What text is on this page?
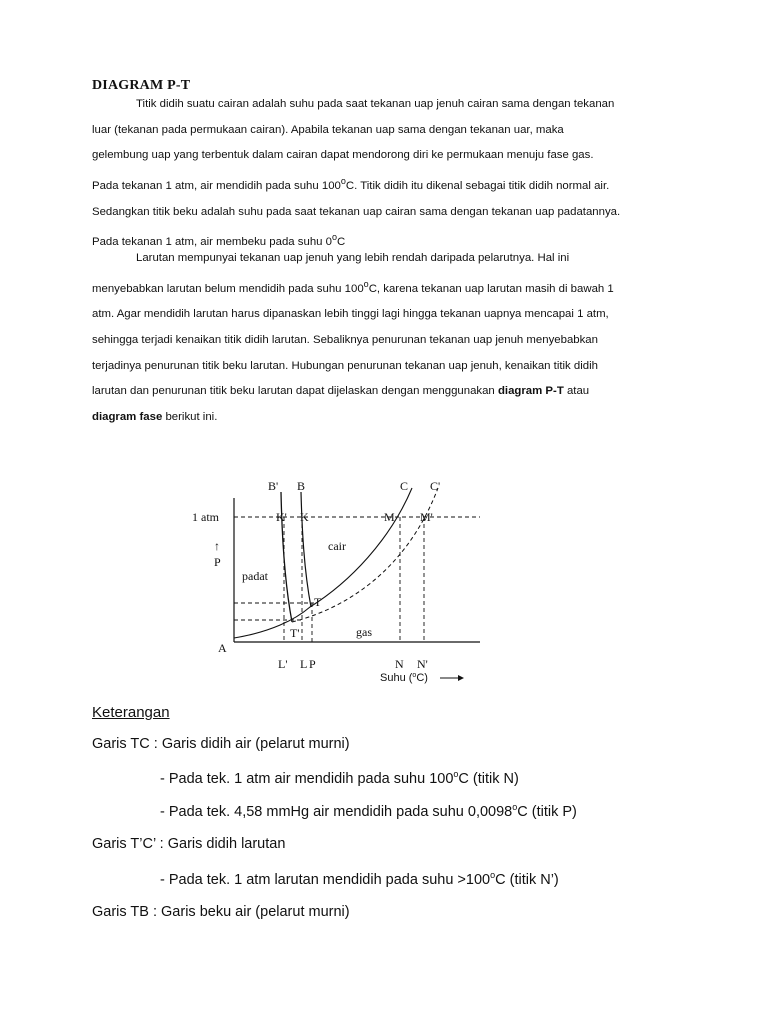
DIAGRAM P-T
Titik didih suatu cairan adalah suhu pada saat tekanan uap jenuh cairan sama dengan tekanan
luar (tekanan pada permukaan cairan). Apabila tekanan uap sama dengan tekanan uar, maka
gelembung uap yang terbentuk dalam cairan dapat mendorong diri ke permukaan menuju fase gas.
Pada tekanan 1 atm, air mendidih pada suhu 100$^o$C. Titik didih itu dikenal sebagai titik didih normal air.
Sedangkan titik beku adalah suhu pada saat tekanan uap cairan sama dengan tekanan uap padatannya.
Pada tekanan 1 atm, air membeku pada suhu 0$^o$C
Larutan mempunyai tekanan uap jenuh yang lebih rendah daripada pelarutnya. Hal ini
menyebabkan larutan belum mendidih pada suhu 100$^o$C, karena tekanan uap larutan masih di bawah 1
atm. Agar mendidih larutan harus dipanaskan lebih tinggi lagi hingga tekanan uapnya mencapai 1 atm,
sehingga terjadi kenaikan titik didih larutan. Sebaliknya penurunan tekanan uap jenuh menyebabkan
terjadinya penurunan titik beku larutan. Hubungan penurunan tekanan uap jenuh, kenaikan titik didih
larutan dan penurunan titik beku larutan dapat dijelaskan dengan menggunakan diagram P-T atau
diagram fase berikut ini.
B' B	C C'
1 atm	K' K	M M'
↑
P
cair
padat
T
T'	gas
A
L' L P	N N'
Suhu ($^o$C)
Keterangan
Garis TC : Garis didih air (pelarut murni)
- Pada tek. 1 atm air mendidih pada suhu 100$^o$C (titik N)
- Pada tek. 4,58 mmHg air mendidih pada suhu 0,0098$^o$C (titik P)
Garis T’C’ : Garis didih larutan
- Pada tek. 1 atm larutan mendidih pada suhu $>100^oC$ (titik N’)
Garis TB : Garis beku air (pelarut murni)
